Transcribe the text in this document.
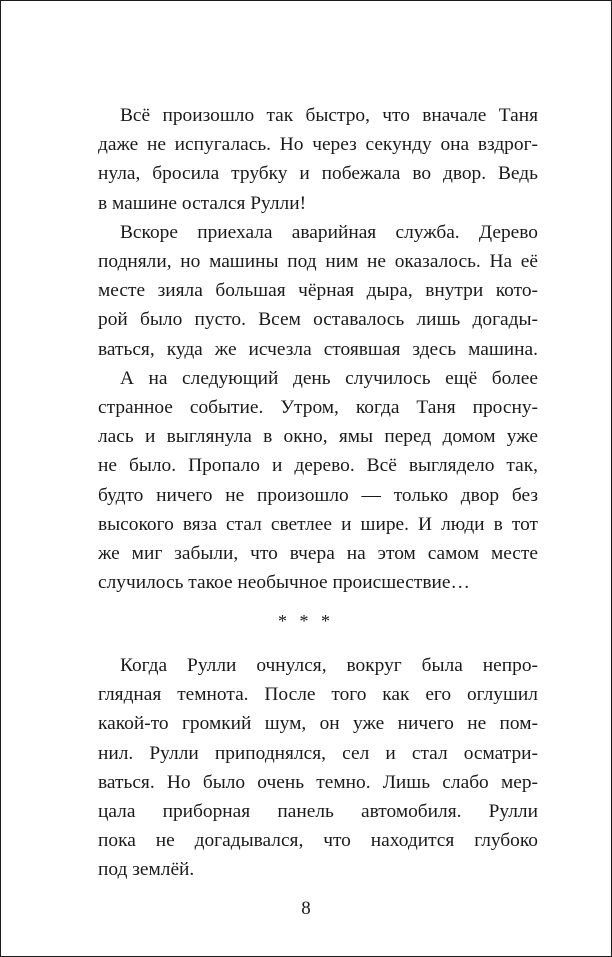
Всё произошло так быстро, что вначале Таня
даже не испугалась. Но через секунду она вздрог-
нула, бросила трубку и побежала во двор. Ведь
в машине остался Рулли!
Вскоре приехала аварийная служба. Дерево
подняли, но машины под ним не оказалось. На её
месте зияла большая чёрная дыра, внутри кото-
рой было пусто. Всем оставалось лишь догады-
ваться, куда же исчезла стоявшая здесь машина.
А на следующий день случилось ещё более
странное событие. Утром, когда Таня просну-
лась и выглянула в окно, ямы перед домом уже
не было. Пропало и дерево. Всё выглядело так,
будто ничего не произошло — только двор без
высокого вяза стал светлее и шире. И люди в тот
же миг забыли, что вчера на этом самом месте
случилось такое необычное происшествие…
* * *
Когда Рулли очнулся, вокруг была непро-
глядная темнота. После того как его оглушил
какой-то громкий шум, он уже ничего не пом-
нил. Рулли приподнялся, сел и стал осматри-
ваться. Но было очень темно. Лишь слабо мер-
цала приборная панель автомобиля. Рулли
пока не догадывался, что находится глубоко
под землёй.
8
